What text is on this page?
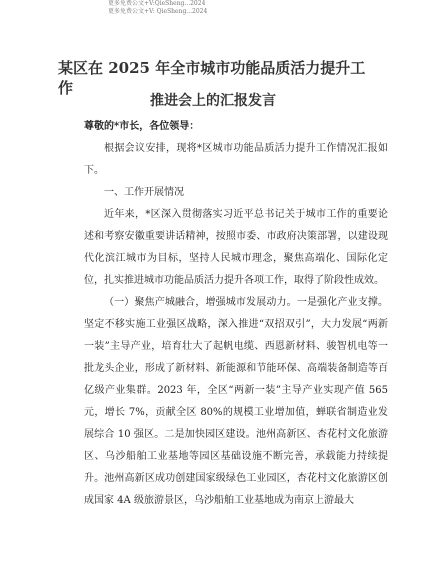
更多免费公文+V:QieSheng...2024
更多免费公文+V: QieSheng...2024
某区在 2025 年全市城市功能品质活力提升工
作
推进会上的汇报发言

尊敬的*市长，各位领导：

根据会议安排，现将*区城市功能品质活力提升工作情况汇报如下。

一、工作开展情况

近年来，*区深入贯彻落实习近平总书记关于城市工作的重要论述和考察安徽重要讲话精神，按照市委、市政府决策部署，以建设现代化滨江城市为目标，坚持人民城市理念，聚焦高端化、国际化定位，扎实推进城市功能品质活力提升各项工作，取得了阶段性成效。

（一）聚焦产城融合，增强城市发展动力。一是强化产业支撑。坚定不移实施工业强区战略，深入推进“双招双引”，大力发展“两新一装”主导产业，培育壮大了起帆电缆、西恩新材料、骏智机电等一批龙头企业，形成了新材料、新能源和节能环保、高端装备制造等百亿级产业集群。2023 年，全区“两新一装”主导产业实现产值 565 元，增长 7%，贡献全区 80%的规模工业增加值，蝉联省制造业发展综合 10 强区。二是加快园区建设。池州高新区、杏花村文化旅游区、乌沙船舶工业基地等园区基础设施不断完善，承载能力持续提升。池州高新区成功创建国家级绿色工业园区，杏花村文化旅游区创成国家 4A 级旅游景区，乌沙船舶工业基地成为南京上游最大
